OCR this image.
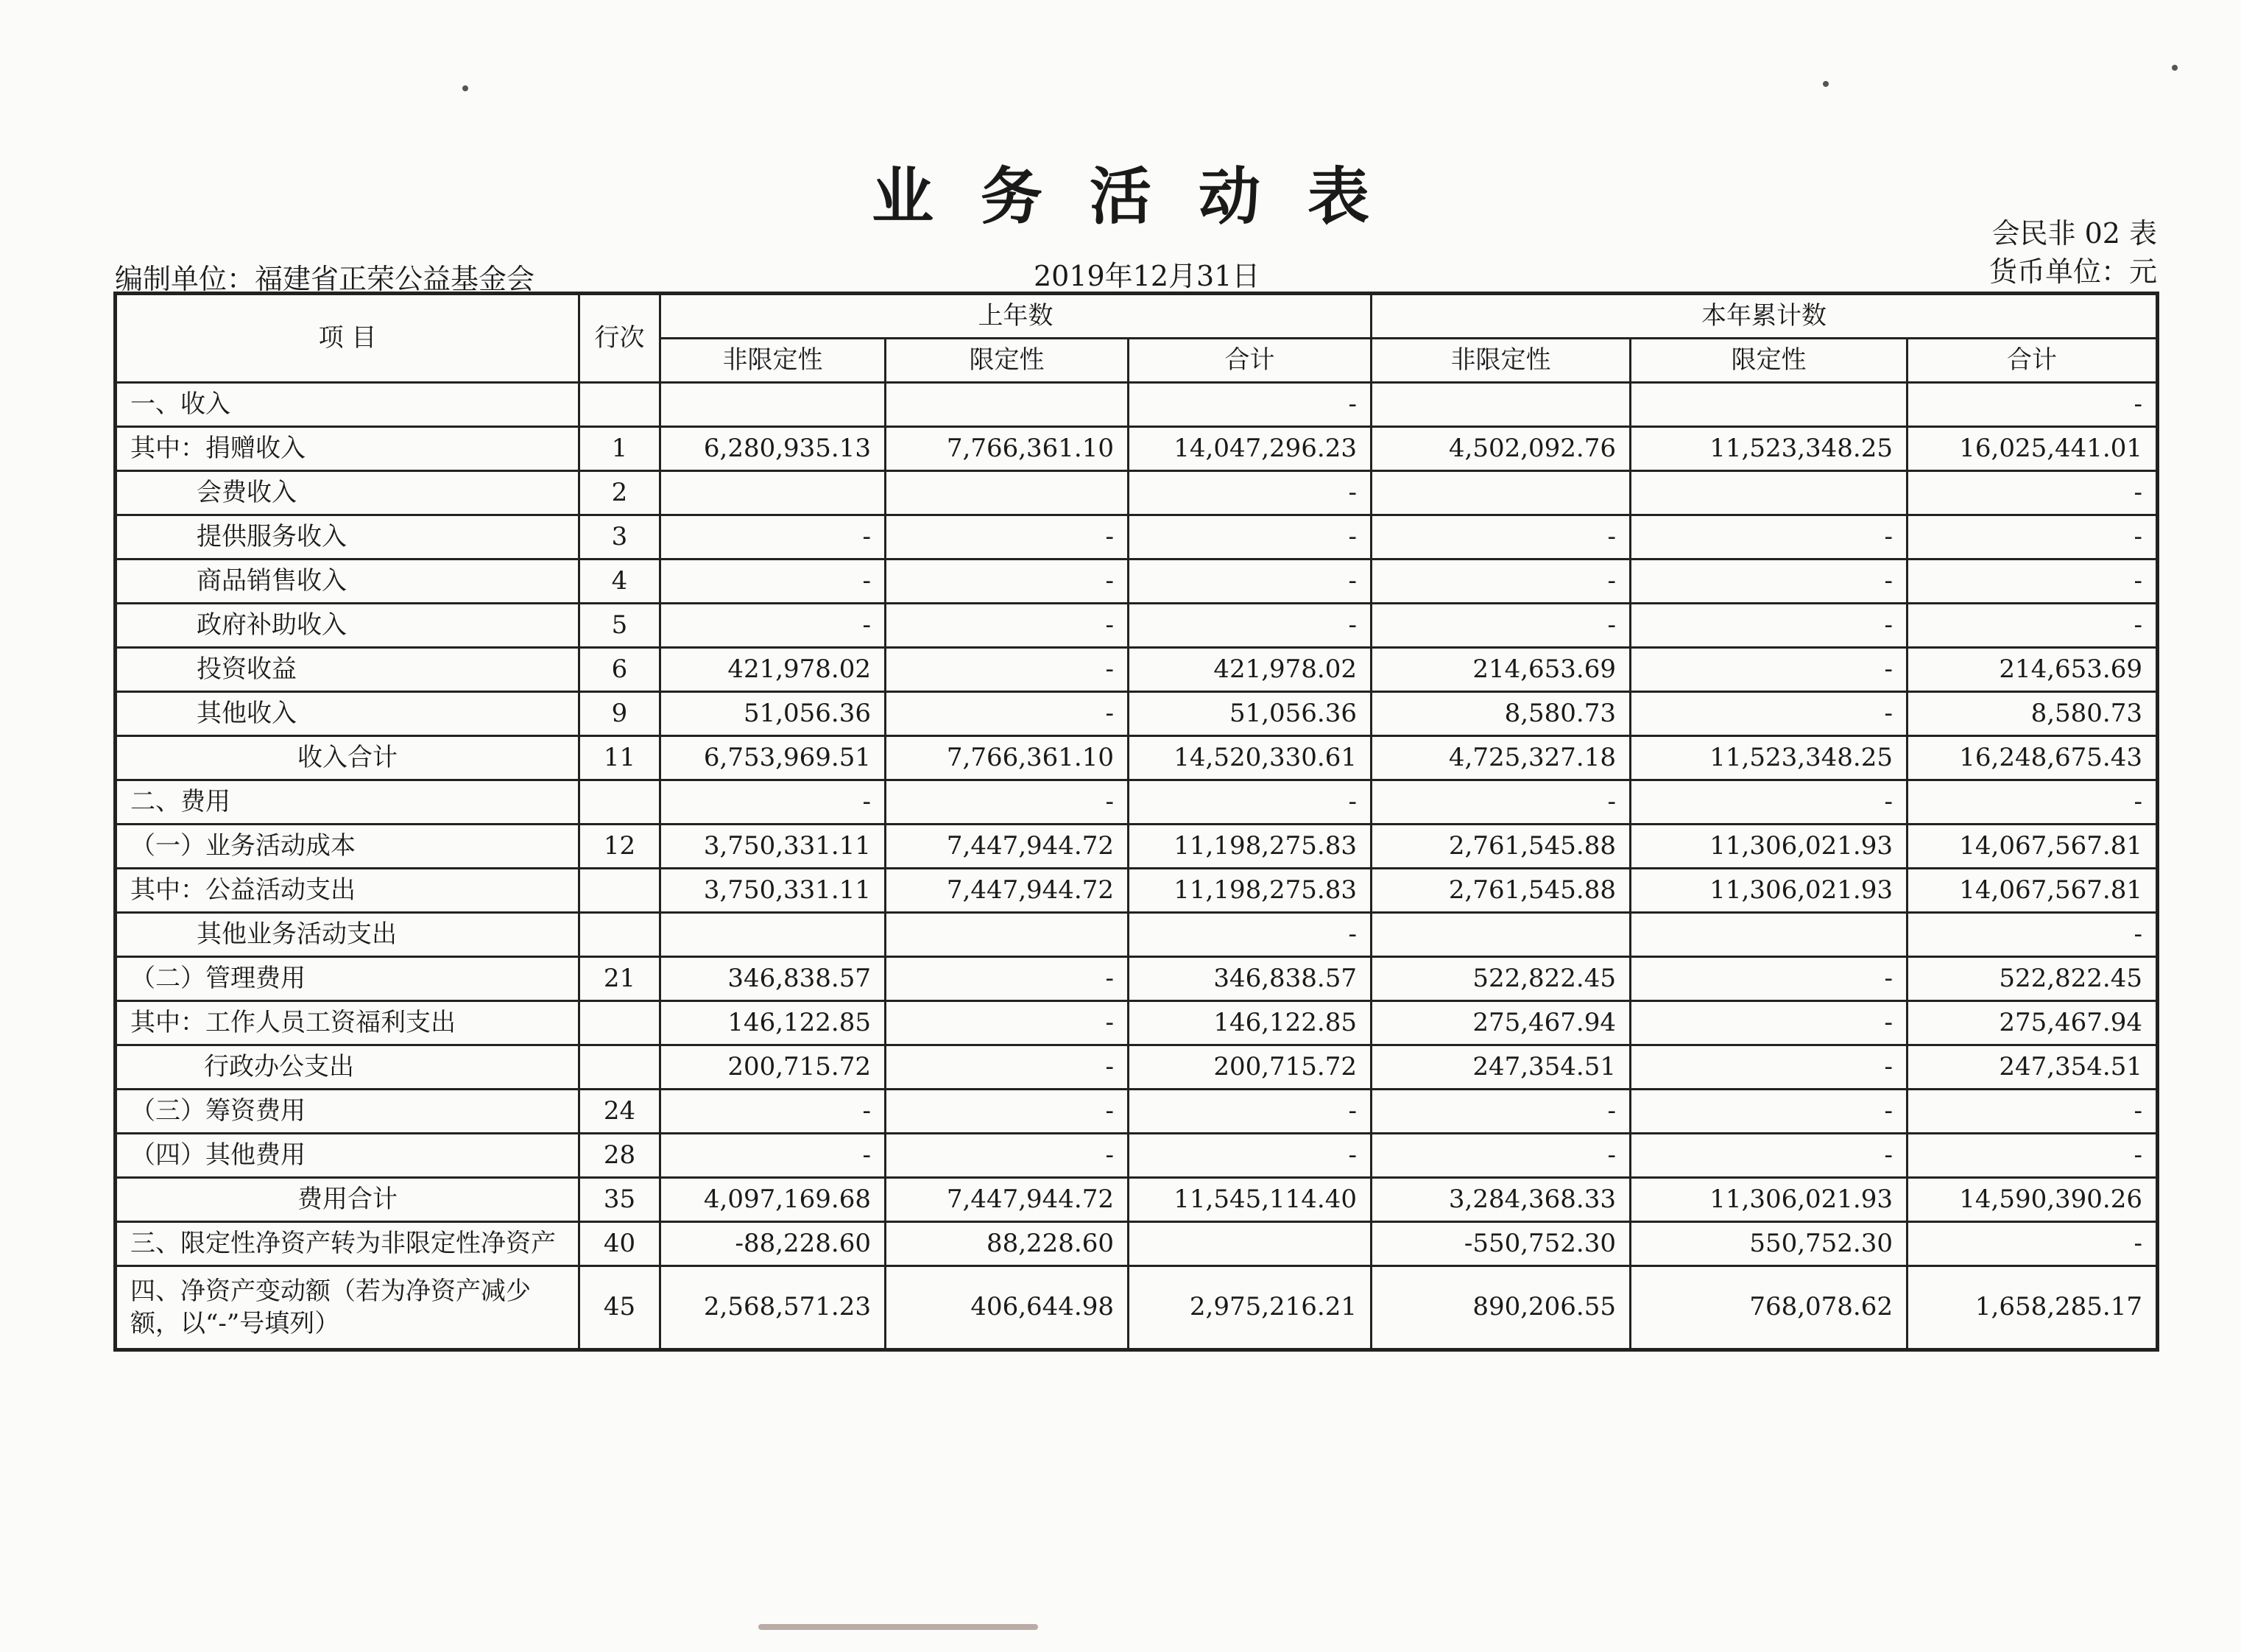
业务活动表
会民非 02 表
货币单位：元
编制单位：福建省正荣公益基金会	2019年12月31日
项 目	行次	上年数			本年累计数		
		非限定性	限定性	合计	非限定性	限定性	合计
一、收入				-			-
其中：捐赠收入	1	6,280,935.13	7,766,361.10	14,047,296.23	4,502,092.76	11,523,348.25	16,025,441.01
会费收入	2			-			-
提供服务收入	3	-	-	-	-	-	-
商品销售收入	4	-	-	-	-	-	-
政府补助收入	5	-	-	-	-	-	-
投资收益	6	421,978.02	-	421,978.02	214,653.69	-	214,653.69
其他收入	9	51,056.36	-	51,056.36	8,580.73	-	8,580.73
收入合计	11	6,753,969.51	7,766,361.10	14,520,330.61	4,725,327.18	11,523,348.25	16,248,675.43
二、费用		-	-	-	-	-	-
（一）业务活动成本	12	3,750,331.11	7,447,944.72	11,198,275.83	2,761,545.88	11,306,021.93	14,067,567.81
其中：公益活动支出		3,750,331.11	7,447,944.72	11,198,275.83	2,761,545.88	11,306,021.93	14,067,567.81
其他业务活动支出				-			-
（二）管理费用	21	346,838.57	-	346,838.57	522,822.45	-	522,822.45
其中：工作人员工资福利支出		146,122.85	-	146,122.85	275,467.94	-	275,467.94
行政办公支出		200,715.72	-	200,715.72	247,354.51	-	247,354.51
（三）筹资费用	24	-	-	-	-	-	-
（四）其他费用	28	-	-	-	-	-	-
费用合计	35	4,097,169.68	7,447,944.72	11,545,114.40	3,284,368.33	11,306,021.93	14,590,390.26
三、限定性净资产转为非限定性净资产	40	-88,228.60	88,228.60		-550,752.30	550,752.30	-
四、净资产变动额（若为净资产减少额，以“-”号填列）	45	2,568,571.23	406,644.98	2,975,216.21	890,206.55	768,078.62	1,658,285.17
